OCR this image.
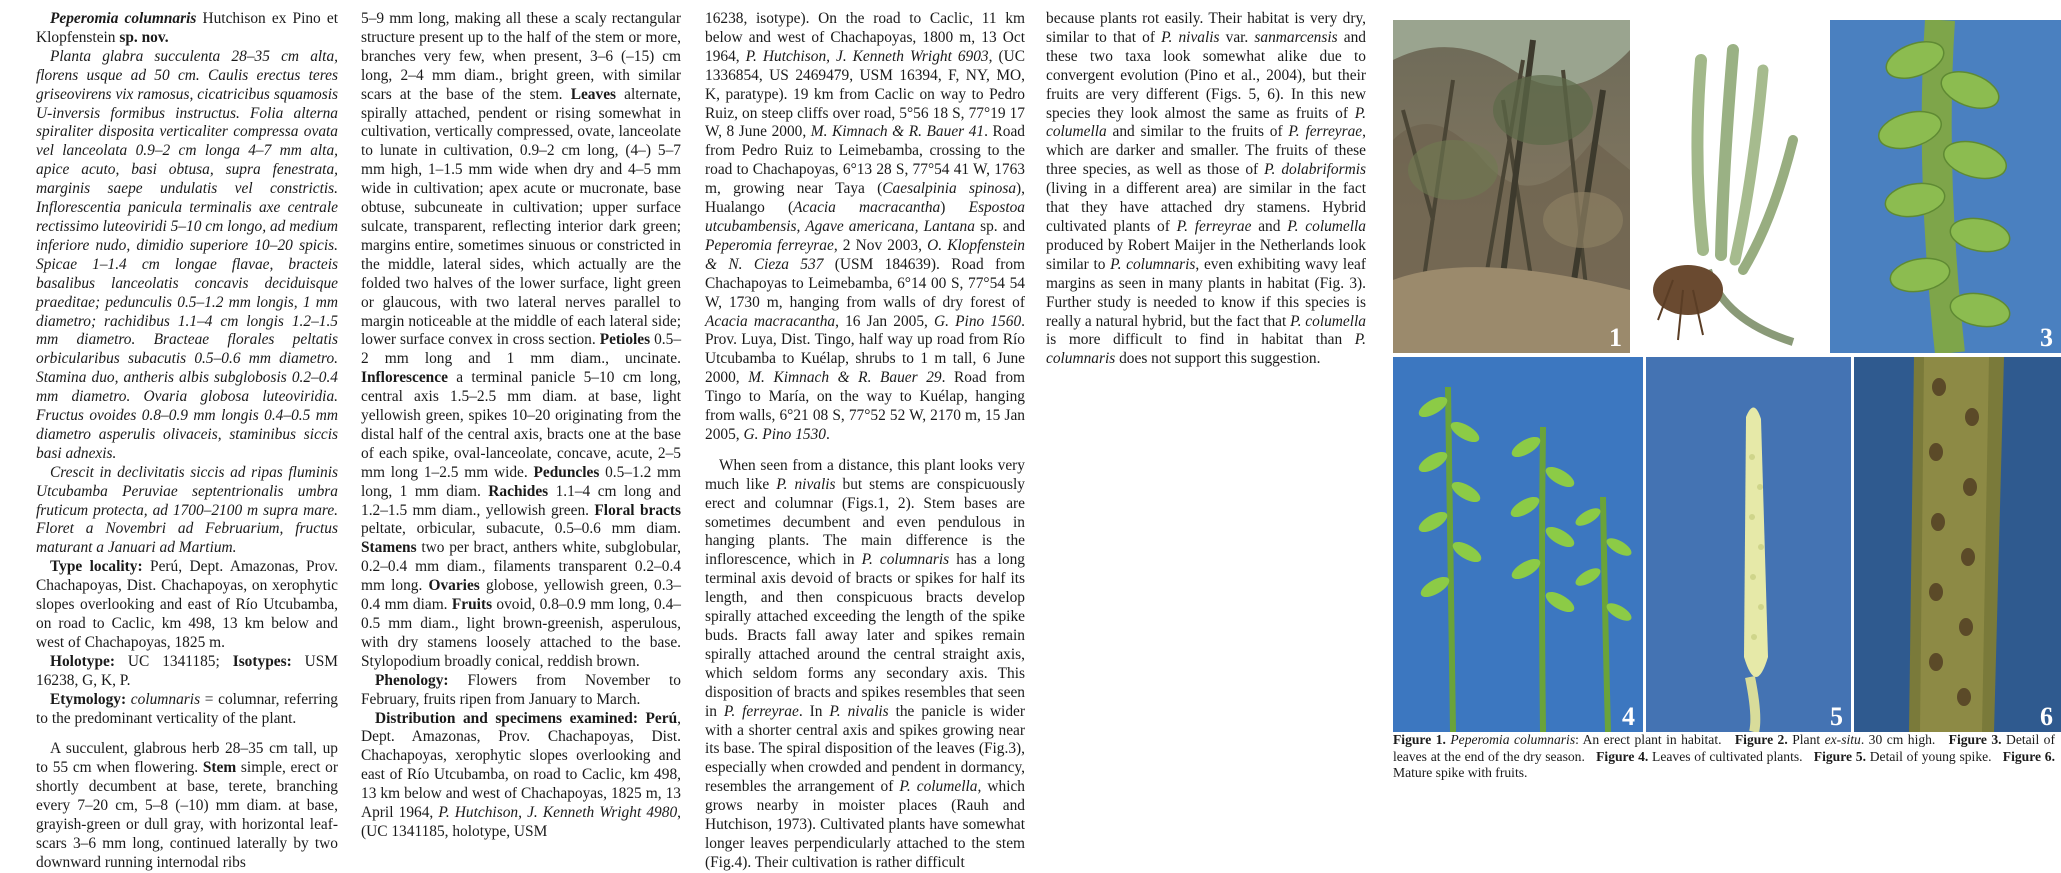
Peperomia columnaris Hutchison ex Pino et Klopfenstein sp. nov.

Planta glabra succulenta 28–35 cm alta, florens usque ad 50 cm. Caulis erectus teres griseovirens vix ramosus, cicatricibus squamosis U-inversis formibus instructus. Folia alterna spiraliter disposita verticaliter compressa ovata vel lanceolata 0.9–2 cm longa 4–7 mm alta, apice acuto, basi obtusa, supra fenestrata, marginis saepe undulatis vel constrictis. Inflorescentia panicula terminalis axe centrale rectissimo luteoviridi 5–10 cm longo, ad medium inferiore nudo, dimidio superiore 10–20 spicis. Spicae 1–1.4 cm longae flavae, bracteis basalibus lanceolatis concavis deciduisque praeditae; pedunculis 0.5–1.2 mm longis, 1 mm diametro; rachidibus 1.1–4 cm longis 1.2–1.5 mm diametro. Bracteae florales peltatis orbicularibus subacutis 0.5–0.6 mm diametro. Stamina duo, antheris albis subglobosis 0.2–0.4 mm diametro. Ovaria globosa luteoviridia. Fructus ovoides 0.8–0.9 mm longis 0.4–0.5 mm diametro asperulis olivaceis, staminibus siccis basi adnexis.

Crescit in declivitatis siccis ad ripas fluminis Utcubamba Peruviae septentrionalis umbra fruticum protecta, ad 1700–2100 m supra mare. Floret a Novembri ad Februarium, fructus maturant a Januari ad Martium.

Type locality: Perú, Dept. Amazonas, Prov. Chachapoyas, Dist. Chachapoyas, on xerophytic slopes overlooking and east of Río Utcubamba, on road to Caclic, km 498, 13 km below and west of Chachapoyas, 1825 m.

Holotype: UC 1341185; Isotypes: USM 16238, G, K, P.

Etymology: columnaris = columnar, referring to the predominant verticality of the plant.

A succulent, glabrous herb 28–35 cm tall, up to 55 cm when flowering. Stem simple, erect or shortly decumbent at base, terete, branching every 7–20 cm, 5–8 (–10) mm diam. at base, grayish-green or dull gray, with horizontal leaf-scars 3–6 mm long, continued laterally by two downward running internodal ribs

5–9 mm long, making all these a scaly rectangular structure present up to the half of the stem or more, branches very few, when present, 3–6 (–15) cm long, 2–4 mm diam., bright green, with similar scars at the base of the stem. Leaves alternate, spirally attached, pendent or rising somewhat in cultivation, vertically compressed, ovate, lanceolate to lunate in cultivation, 0.9–2 cm long, (4–) 5–7 mm high, 1–1.5 mm wide when dry and 4–5 mm wide in cultivation; apex acute or mucronate, base obtuse, subcuneate in cultivation; upper surface sulcate, transparent, reflecting interior dark green; margins entire, sometimes sinuous or constricted in the middle, lateral sides, which actually are the folded two halves of the lower surface, light green or glaucous, with two lateral nerves parallel to margin noticeable at the middle of each lateral side; lower surface convex in cross section. Petioles 0.5–2 mm long and 1 mm diam., uncinate. Inflorescence a terminal panicle 5–10 cm long, central axis 1.5–2.5 mm diam. at base, light yellowish green, spikes 10–20 originating from the distal half of the central axis, bracts one at the base of each spike, oval-lanceolate, concave, acute, 2–5 mm long 1–2.5 mm wide. Peduncles 0.5–1.2 mm long, 1 mm diam. Rachides 1.1–4 cm long and 1.2–1.5 mm diam., yellowish green. Floral bracts peltate, orbicular, subacute, 0.5–0.6 mm diam. Stamens two per bract, anthers white, subglobular, 0.2–0.4 mm diam., filaments transparent 0.2–0.4 mm long. Ovaries globose, yellowish green, 0.3–0.4 mm diam. Fruits ovoid, 0.8–0.9 mm long, 0.4–0.5 mm diam., light brown-greenish, asperulous, with dry stamens loosely attached to the base. Stylopodium broadly conical, reddish brown.

Phenology: Flowers from November to February, fruits ripen from January to March.

Distribution and specimens examined: Perú, Dept. Amazonas, Prov. Chachapoyas, Dist. Chachapoyas, xerophytic slopes overlooking and east of Río Utcubamba, on road to Caclic, km 498, 13 km below and west of Chachapoyas, 1825 m, 13 April 1964, P. Hutchison, J. Kenneth Wright 4980, (UC 1341185, holotype, USM

16238, isotype). On the road to Caclic, 11 km below and west of Chachapoyas, 1800 m, 13 Oct 1964, P. Hutchison, J. Kenneth Wright 6903, (UC 1336854, US 2469479, USM 16394, F, NY, MO, K, paratype). 19 km from Caclic on way to Pedro Ruiz, on steep cliffs over road, 5°56 18 S, 77°19 17 W, 8 June 2000, M. Kimnach & R. Bauer 41. Road from Pedro Ruiz to Leimebamba, crossing to the road to Chachapoyas, 6°13 28 S, 77°54 41 W, 1763 m, growing near Taya (Caesalpinia spinosa), Hualango (Acacia macracantha) Espostoa utcubambensis, Agave americana, Lantana sp. and Peperomia ferreyrae, 2 Nov 2003, O. Klopfenstein & N. Cieza 537 (USM 184639). Road from Chachapoyas to Leimebamba, 6°14 00 S, 77°54 54 W, 1730 m, hanging from walls of dry forest of Acacia macracantha, 16 Jan 2005, G. Pino 1560. Prov. Luya, Dist. Tingo, half way up road from Río Utcubamba to Kuélap, shrubs to 1 m tall, 6 June 2000, M. Kimnach & R. Bauer 29. Road from Tingo to María, on the way to Kuélap, hanging from walls, 6°21 08 S, 77°52 52 W, 2170 m, 15 Jan 2005, G. Pino 1530.

When seen from a distance, this plant looks very much like P. nivalis but stems are conspicuously erect and columnar (Figs.1, 2). Stem bases are sometimes decumbent and even pendulous in hanging plants. The main difference is the inflorescence, which in P. columnaris has a long terminal axis devoid of bracts or spikes for half its length, and then conspicuous bracts develop spirally attached exceeding the length of the spike buds. Bracts fall away later and spikes remain spirally attached around the central straight axis, which seldom forms any secondary axis. This disposition of bracts and spikes resembles that seen in P. ferreyrae. In P. nivalis the panicle is wider with a shorter central axis and spikes growing near its base. The spiral disposition of the leaves (Fig.3), especially when crowded and pendent in dormancy, resembles the arrangement of P. columella, which grows nearby in moister places (Rauh and Hutchison, 1973). Cultivated plants have somewhat longer leaves perpendicularly attached to the stem (Fig.4). Their cultivation is rather difficult

because plants rot easily. Their habitat is very dry, similar to that of P. nivalis var. sanmarcensis and these two taxa look somewhat alike due to convergent evolution (Pino et al., 2004), but their fruits are very different (Figs. 5, 6). In this new species they look almost the same as fruits of P. columella and similar to the fruits of P. ferreyrae, which are darker and smaller. The fruits of these three species, as well as those of P. dolabriformis (living in a different area) are similar in the fact that they have attached dry stamens. Hybrid cultivated plants of P. ferreyrae and P. columella produced by Robert Maijer in the Netherlands look similar to P. columnaris, even exhibiting wavy leaf margins as seen in many plants in habitat (Fig. 3). Further study is needed to know if this species is really a natural hybrid, but the fact that P. columella is more difficult to find in habitat than P. columnaris does not support this suggestion.

1	2	3
4	5	6
Figure 1. Peperomia columnaris: An erect plant in habitat. Figure 2. Plant ex-situ. 30 cm high. Figure 3. Detail of leaves at the end of the dry season. Figure 4. Leaves of cultivated plants. Figure 5. Detail of young spike. Figure 6. Mature spike with fruits.
